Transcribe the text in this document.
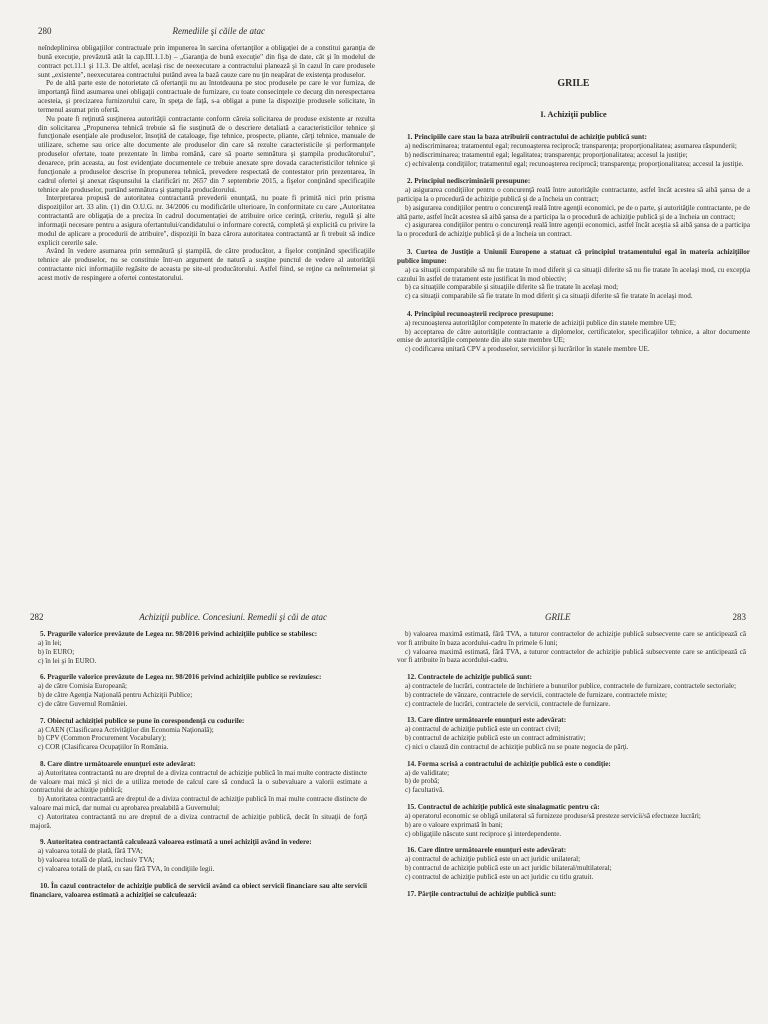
280	Remediile şi căile de atac

neîndeplinirea obligaţiilor contractuale prin impunerea în sarcina ofertanţilor a obligaţiei de a constitui garanţia de bună execuţie, prevăzută atât la cap.III.1.1.b) – „Garanţia de bună execuţie" din fişa de date, cât şi în modelul de contract pct.11.1 şi 11.3. De altfel, acelaşi risc de neexecutare a contractului planează şi în cazul în care produsele sunt „existente", neexecutarea contractului putând avea la bază cauze care nu ţin neapărat de existenţa produselor.

Pe de altă parte este de notorietate că ofertanţii nu au întotdeauna pe stoc produsele pe care le vor furniza, de importanţă fiind asumarea unei obligaţii contractuale de furnizare, cu toate consecinţele ce decurg din nerespectarea acesteia, şi precizarea furnizorului care, în speţa de faţă, s-a obligat a pune la dispoziţie produsele solicitate, în termenul asumat prin ofertă.

Nu poate fi reţinută susţinerea autorităţii contractante conform căreia solicitarea de produse existente ar rezulta din solicitarea „Propunerea tehnică trebuie să fie susţinută de o descriere detaliată a caracteristicilor tehnice şi funcţionale esenţiale ale produselor, însoţită de cataloage, fişe tehnice, prospecte, pliante, cărţi tehnice, manuale de utilizare, scheme sau orice alte documente ale produselor din care să rezulte caracteristicile şi performanţele produselor ofertate, toate prezentate în limba română, care să poarte semnătura şi ştampila producătorului", deoarece, prin aceasta, au fost evidenţiate documentele ce trebuie anexate spre dovada caracteristicilor tehnice şi funcţionale a produselor descrise în propunerea tehnică, prevedere respectată de contestator prin prezentarea, în cadrul ofertei şi anexat răspunsului la clarificări nr. 2657 din 7 septembrie 2015, a fişelor conţinând specificaţiile tehnice ale produselor, purtând semnătura şi ştampila producătorului.

Interpretarea propusă de autoritatea contractantă prevederii enunţată, nu poate fi primită nici prin prisma dispoziţiilor art. 33 alin. (1) din O.U.G. nr. 34/2006 cu modificările ulterioare, în conformitate cu care „Autoritatea contractantă are obligaţia de a preciza în cadrul documentaţiei de atribuire orice cerinţă, criteriu, regulă şi alte informaţii necesare pentru a asigura ofertantului/candidatului o informare corectă, completă şi explicită cu privire la modul de aplicare a procedurii de atribuire", dispoziţii în baza cărora autoritatea contractantă ar fi trebuit să indice explicit cererile sale.

Având în vedere asumarea prin semnătură şi ştampilă, de către producător, a fişelor conţinând specificaţiile tehnice ale produselor, nu se constituie într-un argument de natură a susţine punctul de vedere al autorităţii contractante nici informaţiile regăsite de aceasta pe site-ul producătorului. Astfel fiind, se reţine ca neîntemeiat şi acest motiv de respingere a ofertei contestatorului.

GRILE
I. Achiziţii publice
1. Principiile care stau la baza atribuirii contractului de achiziţie publică sunt:
a) nediscriminarea; tratamentul egal; recunoaşterea reciprocă; transparenţa; proporţionalitatea; asumarea răspunderii;
b) nediscriminarea; tratamentul egal; legalitatea; transparenţa; proporţionalitatea; accesul la justiţie;
c) echivalenţa condiţiilor; tratamentul egal; recunoaşterea reciprocă; transparenţa; proporţionalitatea; accesul la justiţie.
2. Principiul nediscriminării presupune:
a) asigurarea condiţiilor pentru o concurenţă reală între autorităţile contractante, astfel încât acestea să aibă şansa de a participa la o procedură de achiziţie publică şi de a încheia un contract;
b) asigurarea condiţiilor pentru o concurenţă reală între agenţii economici, pe de o parte, şi autorităţile contractante, pe de altă parte, astfel încât acestea să aibă şansa de a participa la o procedură de achiziţie publică şi de a încheia un contract;
c) asigurarea condiţiilor pentru o concurenţă reală între agenţii economici, astfel încât aceştia să aibă şansa de a participa la o procedură de achiziţie publică şi de a încheia un contract.
3. Curtea de Justiţie a Uniunii Europene a statuat că principiul tratamentului egal în materia achiziţiilor publice impune:
a) ca situaţii comparabile să nu fie tratate în mod diferit şi ca situaţii diferite să nu fie tratate în acelaşi mod, cu excepţia cazului în astfel de tratament este justificat în mod obiectiv;
b) ca situaţiile comparabile şi situaţiile diferite să fie tratate în acelaşi mod;
c) ca situaţii comparabile să fie tratate în mod diferit şi ca situaţii diferite să fie tratate în acelaşi mod.
4. Principiul recunoaşterii reciproce presupune:
a) recunoaşterea autorităţilor competente în materie de achiziţii publice din statele membre UE;
b) acceptarea de către autorităţile contractante a diplomelor, certificatelor, specificaţiilor tehnice, a altor documente emise de autorităţile competente din alte state membre UE;
c) codificarea unitară CPV a produselor, serviciilor şi lucrărilor în statele membre UE.
282	Achiziţii publice. Concesiuni. Remedii şi căi de atac
5. Pragurile valorice prevăzute de Legea nr. 98/2016 privind achiziţiile publice se stabilesc:
a) în lei;
b) în EURO;
c) în lei şi în EURO.
6. Pragurile valorice prevăzute de Legea nr. 98/2016 privind achiziţiile publice se revizuiesc:
a) de către Comisia Europeană;
b) de către Agenţia Naţională pentru Achiziţii Publice;
c) de către Guvernul României.
7. Obiectul achiziţiei publice se pune în corespondenţă cu codurile:
a) CAEN (Clasificarea Activităţilor din Economia Naţională);
b) CPV (Common Procurement Vocabulary);
c) COR (Clasificarea Ocupaţiilor în România.
8. Care dintre următoarele enunţuri este adevărat:
a) Autoritatea contractantă nu are dreptul de a diviza contractul de achiziţie publică în mai multe contracte distincte de valoare mai mică şi nici de a utiliza metode de calcul care să conducă la o subevaluare a valorii estimate a contractului de achiziţie publică;
b) Autoritatea contractantă are dreptul de a diviza contractul de achiziţie publică în mai multe contracte distincte de valoare mai mică, dar numai cu aprobarea prealabilă a Guvernului;
c) Autoritatea contractantă nu are dreptul de a diviza contractul de achiziţie publică, decât în situaţii de forţă majoră.
9. Autoritatea contractantă calculează valoarea estimată a unei achiziţii având în vedere:
a) valoarea totală de plată, fără TVA;
b) valoarea totală de plată, inclusiv TVA;
c) valoarea totală de plată, cu sau fără TVA, în condiţiile legii.
10. În cazul contractelor de achiziţie publică de servicii având ca obiect servicii financiare sau alte servicii financiare, valoarea estimată a achiziţiei se calculează:
GRILE	283
b) valoarea maximă estimată, fără TVA, a tuturor contractelor de achiziţie publică subsecvente care se anticipează că vor fi atribuite în baza acordului-cadru în primele 6 luni;
c) valoarea maximă estimată, fără TVA, a tuturor contractelor de achiziţie publică subsecvente care se anticipează că vor fi atribuite în baza acordului-cadru.
12. Contractele de achiziţie publică sunt:
a) contractele de lucrări, contractele de închiriere a bunurilor publice, contractele de furnizare, contractele sectoriale;
b) contractele de vânzare, contractele de servicii, contractele de furnizare, contractele mixte;
c) contractele de lucrări, contractele de servicii, contractele de furnizare.
13. Care dintre următoarele enunţuri este adevărat:
a) contractul de achiziţie publică este un contract civil;
b) contractul de achiziţie publică este un contract administrativ;
c) nici o clauză din contractul de achiziţie publică nu se poate negocia de părţi.
14. Forma scrisă a contractului de achiziţie publică este o condiţie:
a) de validitate;
b) de probă;
c) facultativă.
15. Contractul de achiziţie publică este sinalagmatic pentru că:
a) operatorul economic se obligă unilateral să furnizeze produse/să presteze servicii/să efectueze lucrări;
b) are o valoare exprimată în bani;
c) obligaţiile născute sunt reciproce şi interdependente.
16. Care dintre următoarele enunţuri este adevărat:
a) contractul de achiziţie publică este un act juridic unilateral;
b) contractul de achiziţie publică este un act juridic bilateral/multilateral;
c) contractul de achiziţie publică este un act juridic cu titlu gratuit.
17. Părţile contractului de achiziţie publică sunt:
